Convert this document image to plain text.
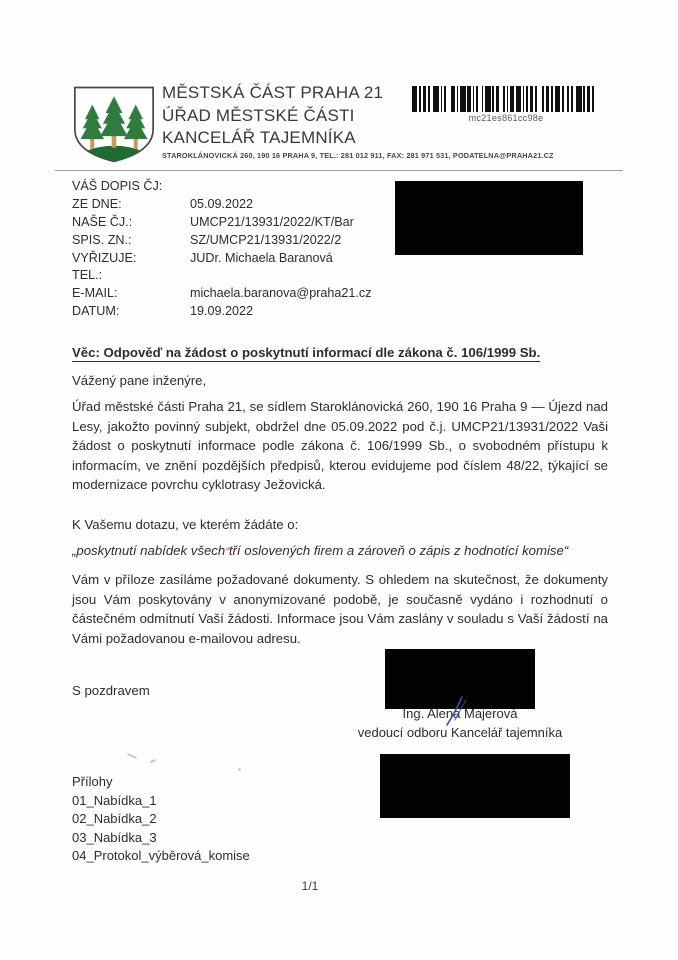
MĚSTSKÁ ČÁST PRAHA 21
ÚŘAD MĚSTSKÉ ČÁSTI
KANCELÁŘ TAJEMNÍKA
STAROKLÁNOVICKÁ 260, 190 16 PRAHA 9, TEL.: 281 012 911, FAX: 281 971 531, PODATELNA@PRAHA21.CZ
mc21es861cc98e
VÁŠ DOPIS ČJ:
ZE DNE:	05.09.2022
NAŠE ČJ.:	UMCP21/13931/2022/KT/Bar
SPIS. ZN.:	SZ/UMCP21/13931/2022/2
VYŘIZUJE:	JUDr. Michaela Baranová
TEL.:
E-MAIL:	michaela.baranova@praha21.cz
DATUM:	19.09.2022
Věc: Odpověď na žádost o poskytnutí informací dle zákona č. 106/1999 Sb.
Vážený pane inženýre,
Úřad městské části Praha 21, se sídlem Staroklánovická 260, 190 16 Praha 9 — Újezd nad Lesy, jakožto povinný subjekt, obdržel dne 05.09.2022 pod č.j. UMCP21/13931/2022 Vaši žádost o poskytnutí informace podle zákona č. 106/1999 Sb., o svobodném přístupu k informacím, ve znění pozdějších předpisů, kterou evidujeme pod číslem 48/22, týkající se modernizace povrchu cyklotrasy Ježovická.
K Vašemu dotazu, ve kterém žádáte o:
„poskytnutí nabídek všech tří oslovených firem a zároveň o zápis z hodnotící komise“
Vám v příloze zasíláme požadované dokumenty. S ohledem na skutečnost, že dokumenty jsou Vám poskytovány v anonymizované podobě, je současně vydáno i rozhodnutí o částečném odmítnutí Vaší žádosti. Informace jsou Vám zaslány v souladu s Vaší žádostí na Vámi požadovanou e-mailovou adresu.
S pozdravem
Ing. Alena Majerová
vedoucí odboru Kancelář tajemníka
Přílohy
01_Nabídka_1
02_Nabídka_2
03_Nabídka_3
04_Protokol_výběrová_komise
1/1
